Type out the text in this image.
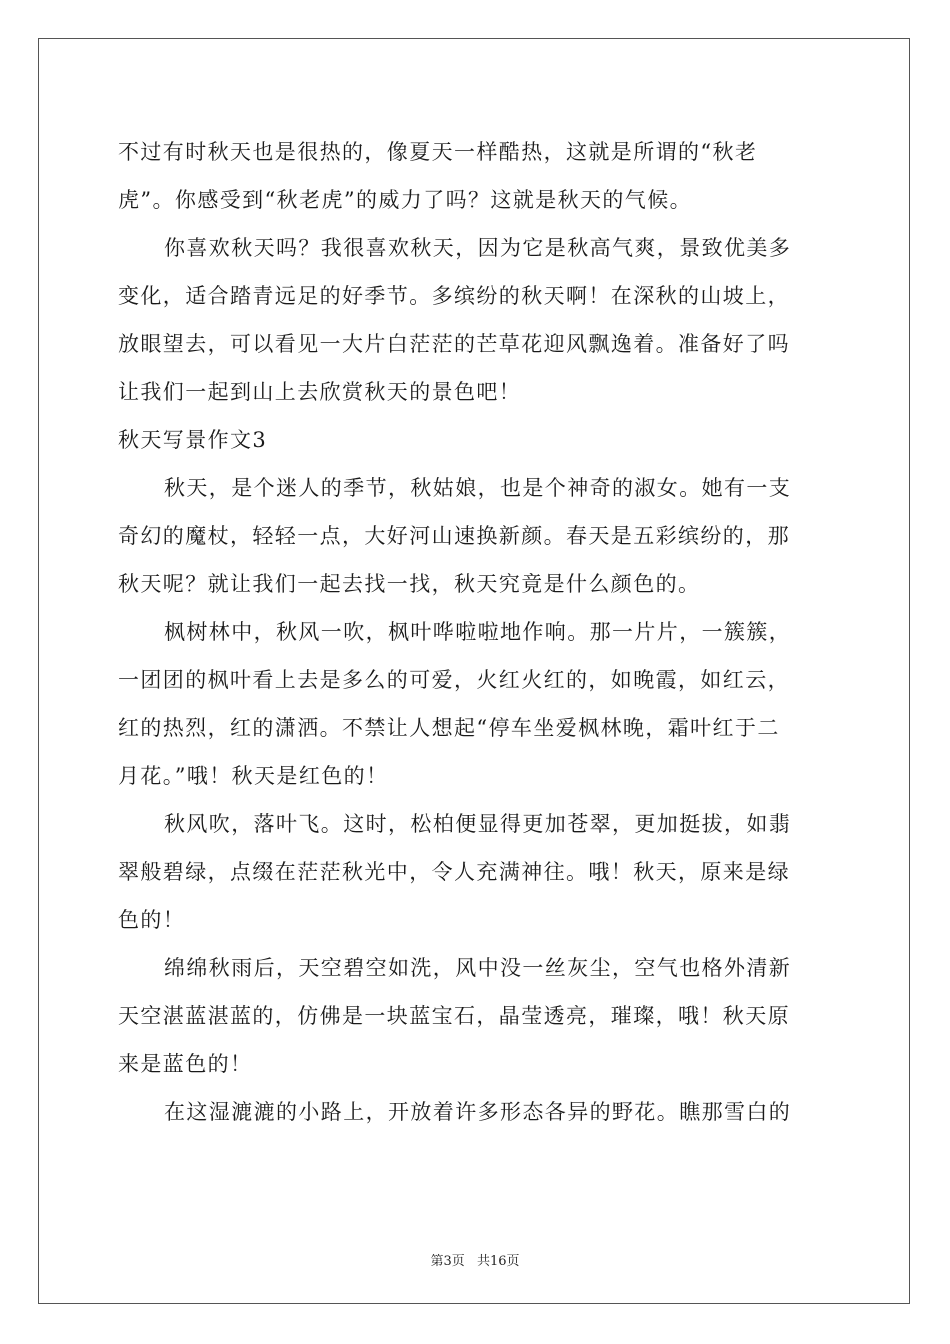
不过有时秋天也是很热的，像夏天一样酷热，这就是所谓的“秋老
虎”。你感受到“秋老虎”的威力了吗？这就是秋天的气候。
你喜欢秋天吗？我很喜欢秋天，因为它是秋高气爽，景致优美多
变化，适合踏青远足的好季节。多缤纷的秋天啊！在深秋的山坡上，
放眼望去，可以看见一大片白茫茫的芒草花迎风飘逸着。准备好了吗
让我们一起到山上去欣赏秋天的景色吧！
秋天写景作文3
秋天，是个迷人的季节，秋姑娘，也是个神奇的淑女。她有一支
奇幻的魔杖，轻轻一点，大好河山速换新颜。春天是五彩缤纷的，那
秋天呢？就让我们一起去找一找，秋天究竟是什么颜色的。
枫树林中，秋风一吹，枫叶哗啦啦地作响。那一片片，一簇簇，
一团团的枫叶看上去是多么的可爱，火红火红的，如晚霞，如红云，
红的热烈，红的潇洒。不禁让人想起“停车坐爱枫林晚，霜叶红于二
月花。”哦！秋天是红色的！
秋风吹，落叶飞。这时，松柏便显得更加苍翠，更加挺拔，如翡
翠般碧绿，点缀在茫茫秋光中，令人充满神往。哦！秋天，原来是绿
色的！
绵绵秋雨后，天空碧空如洗，风中没一丝灰尘，空气也格外清新
天空湛蓝湛蓝的，仿佛是一块蓝宝石，晶莹透亮，璀璨，哦！秋天原
来是蓝色的！
在这湿漉漉的小路上，开放着许多形态各异的野花。瞧那雪白的
第3页 共16页
